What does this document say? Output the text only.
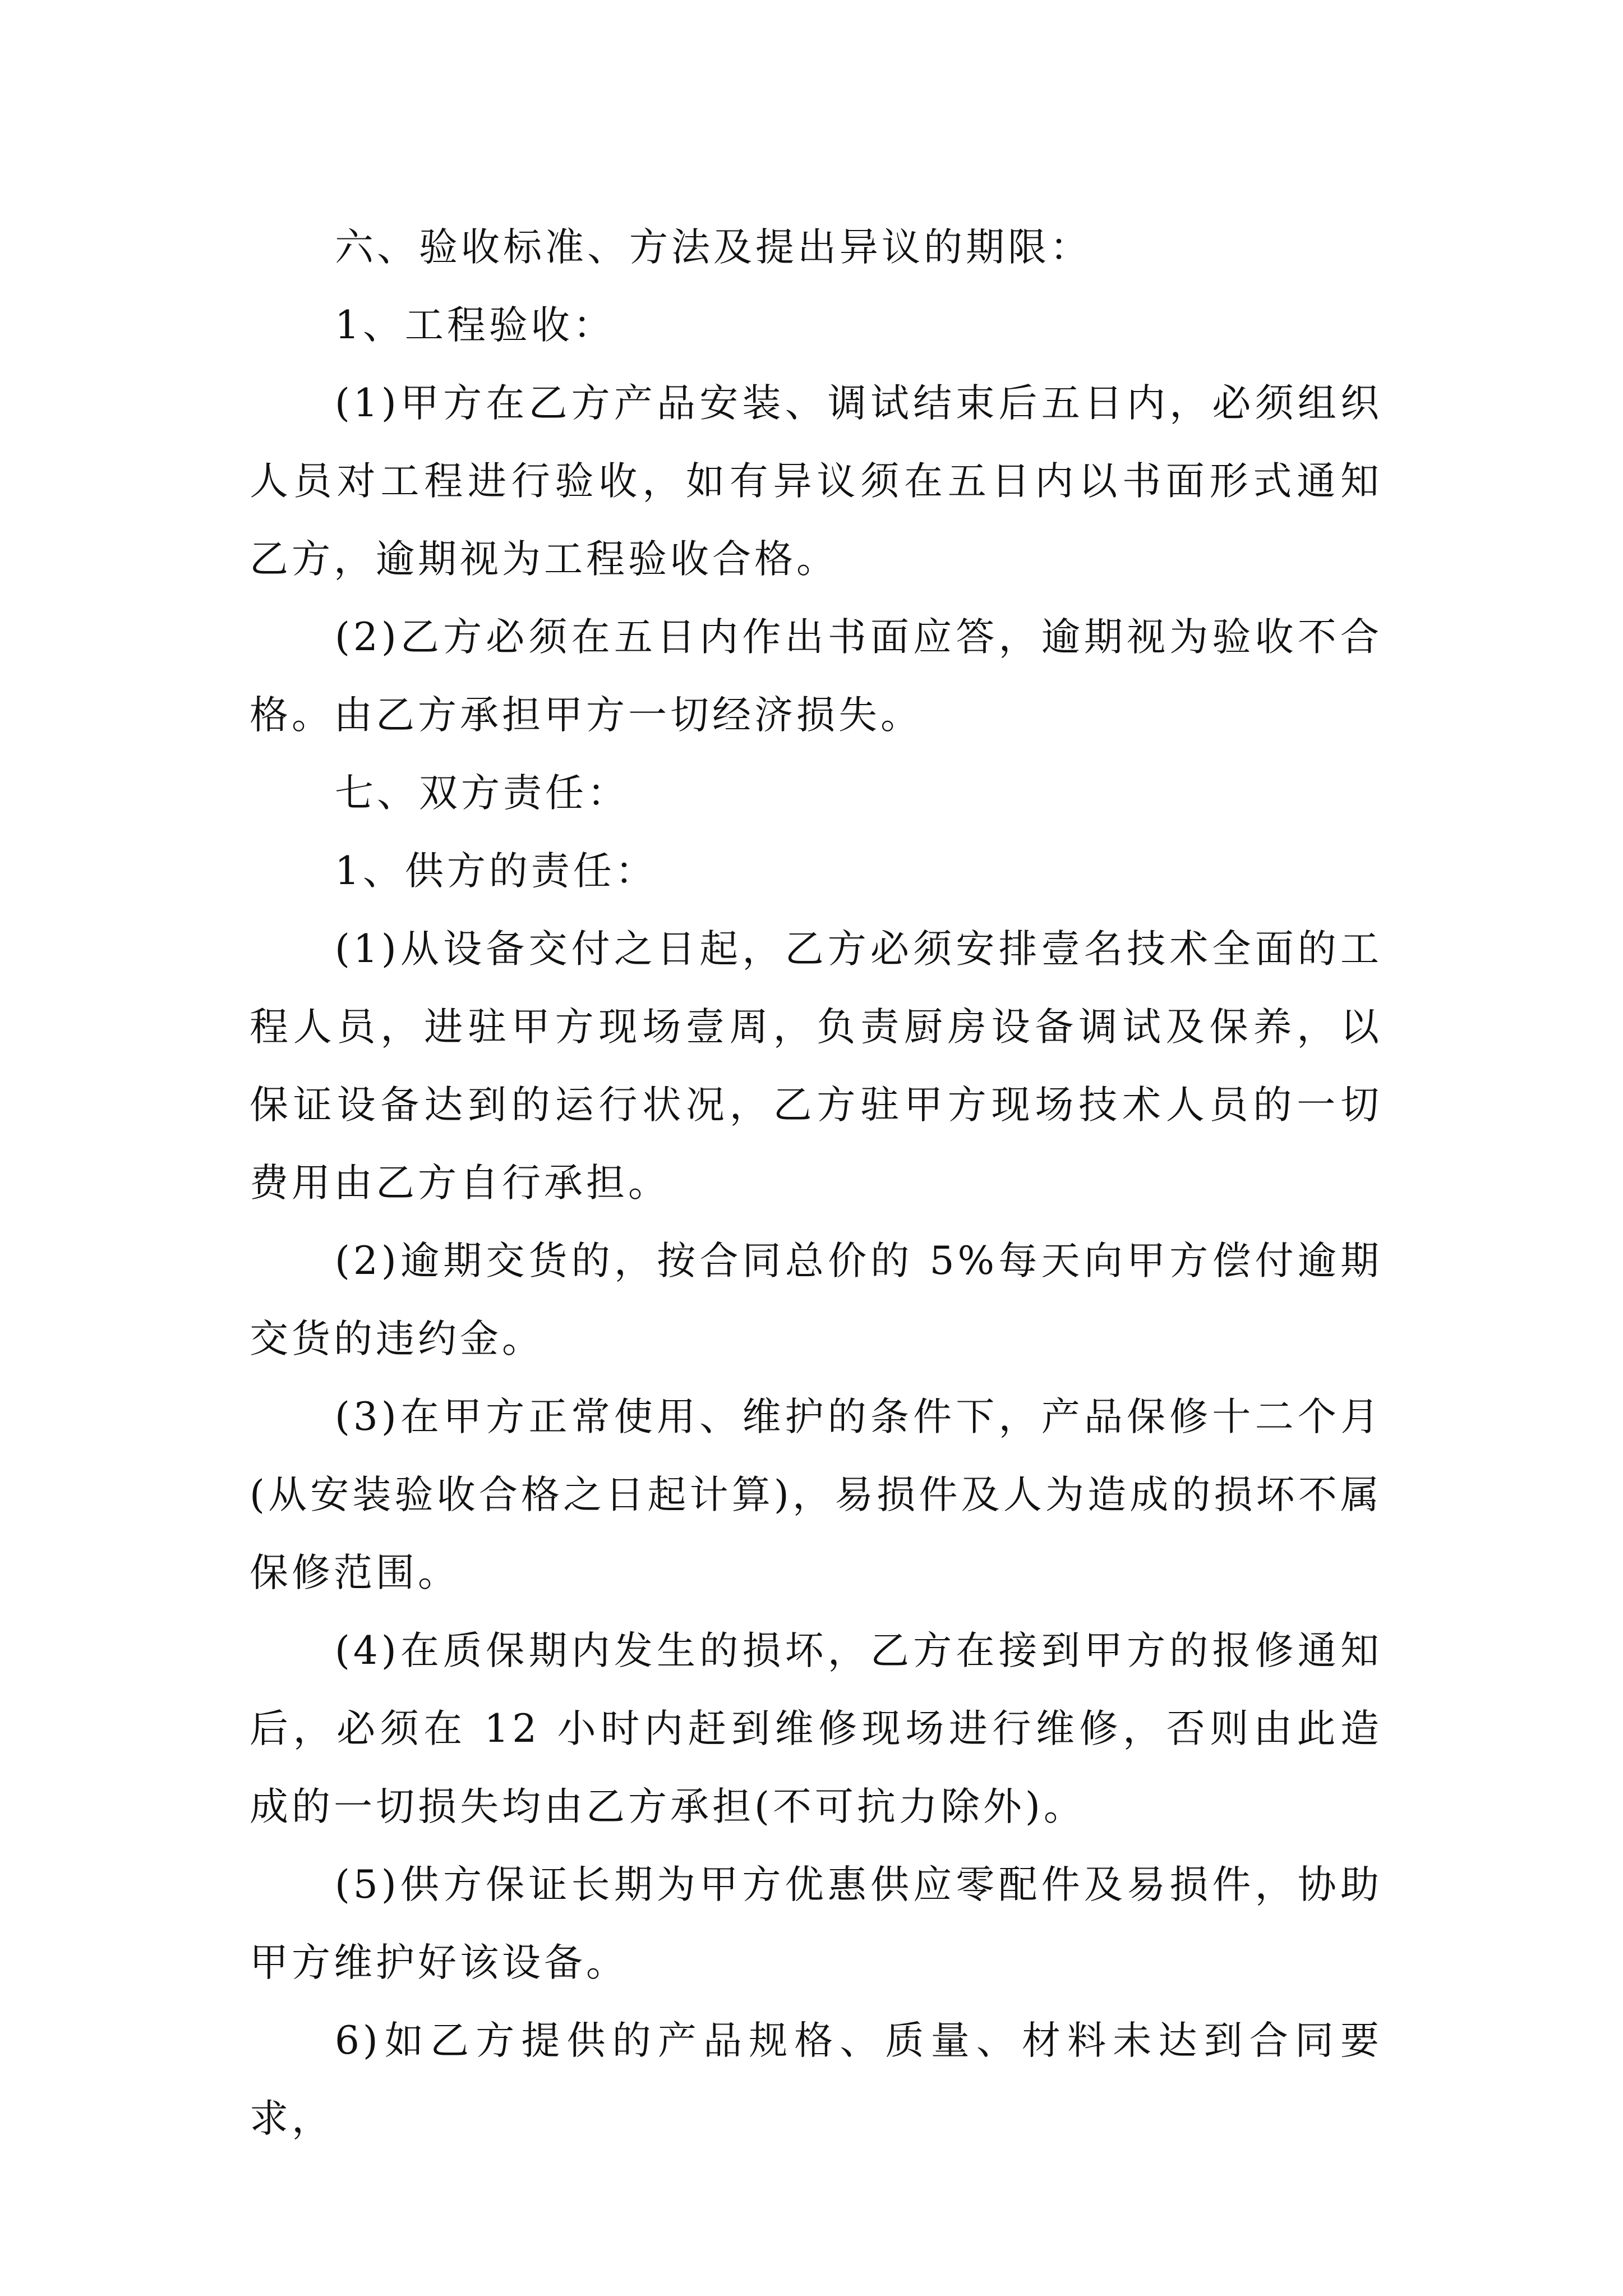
六、验收标准、方法及提出异议的期限：

1、工程验收：

(1)甲方在乙方产品安装、调试结束后五日内，必须组织人员对工程进行验收，如有异议须在五日内以书面形式通知乙方，逾期视为工程验收合格。

(2)乙方必须在五日内作出书面应答，逾期视为验收不合格。由乙方承担甲方一切经济损失。

七、双方责任：

1、供方的责任：

(1)从设备交付之日起，乙方必须安排壹名技术全面的工程人员，进驻甲方现场壹周，负责厨房设备调试及保养，以保证设备达到的运行状况，乙方驻甲方现场技术人员的一切费用由乙方自行承担。

(2)逾期交货的，按合同总价的 5%每天向甲方偿付逾期交货的违约金。

(3)在甲方正常使用、维护的条件下，产品保修十二个月(从安装验收合格之日起计算)，易损件及人为造成的损坏不属保修范围。

(4)在质保期内发生的损坏，乙方在接到甲方的报修通知后，必须在 12 小时内赶到维修现场进行维修，否则由此造成的一切损失均由乙方承担(不可抗力除外)。

(5)供方保证长期为甲方优惠供应零配件及易损件，协助甲方维护好该设备。

6)如乙方提供的产品规格、质量、材料未达到合同要求，
